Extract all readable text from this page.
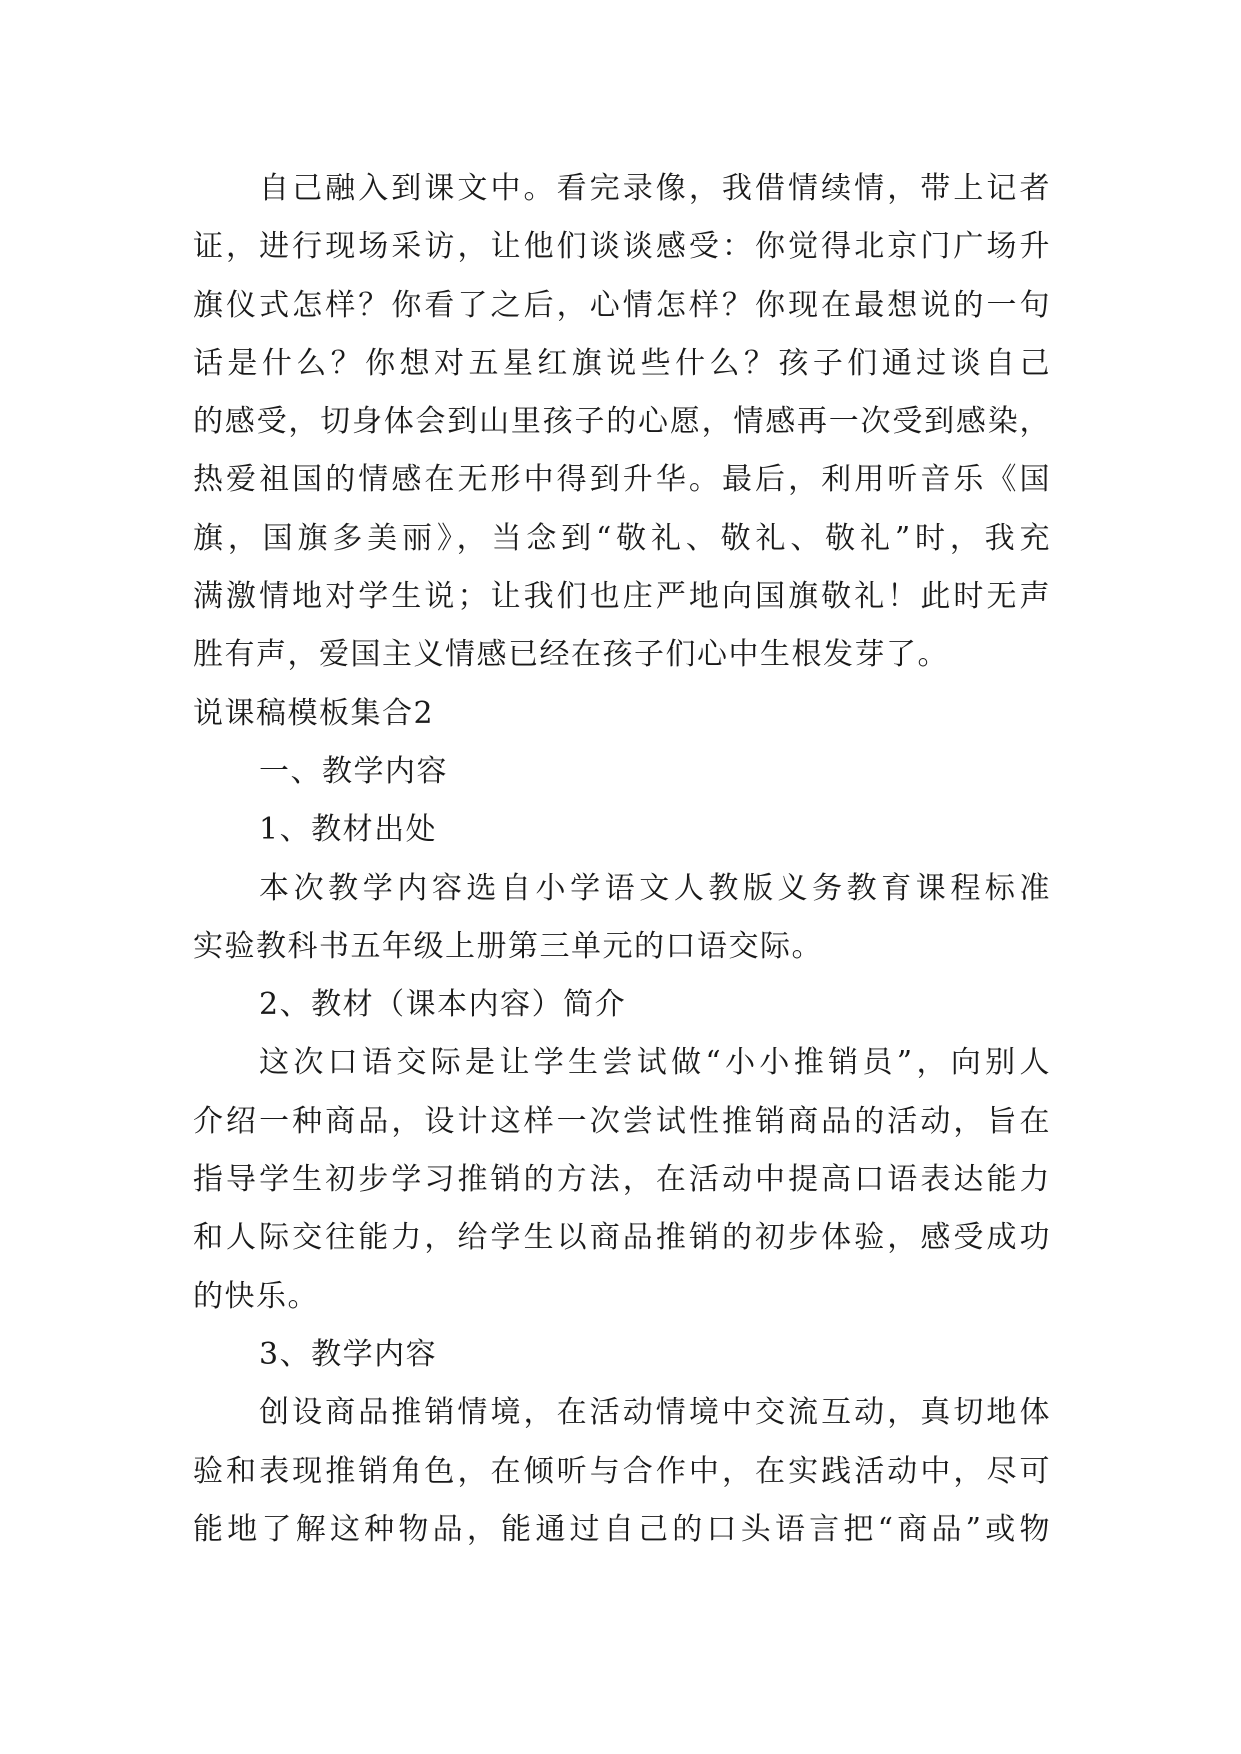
自己融入到课文中。看完录像，我借情续情，带上记者
证，进行现场采访，让他们谈谈感受：你觉得北京门广场升
旗仪式怎样？你看了之后，心情怎样？你现在最想说的一句
话是什么？你想对五星红旗说些什么？孩子们通过谈自己
的感受，切身体会到山里孩子的心愿，情感再一次受到感染，
热爱祖国的情感在无形中得到升华。最后，利用听音乐《国
旗，国旗多美丽》，当念到“敬礼、敬礼、敬礼”时，我充
满激情地对学生说；让我们也庄严地向国旗敬礼！此时无声
胜有声，爱国主义情感已经在孩子们心中生根发芽了。
说课稿模板集合2
一、教学内容
1、教材出处
本次教学内容选自小学语文人教版义务教育课程标准
实验教科书五年级上册第三单元的口语交际。
2、教材（课本内容）简介
这次口语交际是让学生尝试做“小小推销员”，向别人
介绍一种商品，设计这样一次尝试性推销商品的活动，旨在
指导学生初步学习推销的方法，在活动中提高口语表达能力
和人际交往能力，给学生以商品推销的初步体验，感受成功
的快乐。
3、教学内容
创设商品推销情境，在活动情境中交流互动，真切地体
验和表现推销角色，在倾听与合作中，在实践活动中，尽可
能地了解这种物品，能通过自己的口头语言把“商品”或物
